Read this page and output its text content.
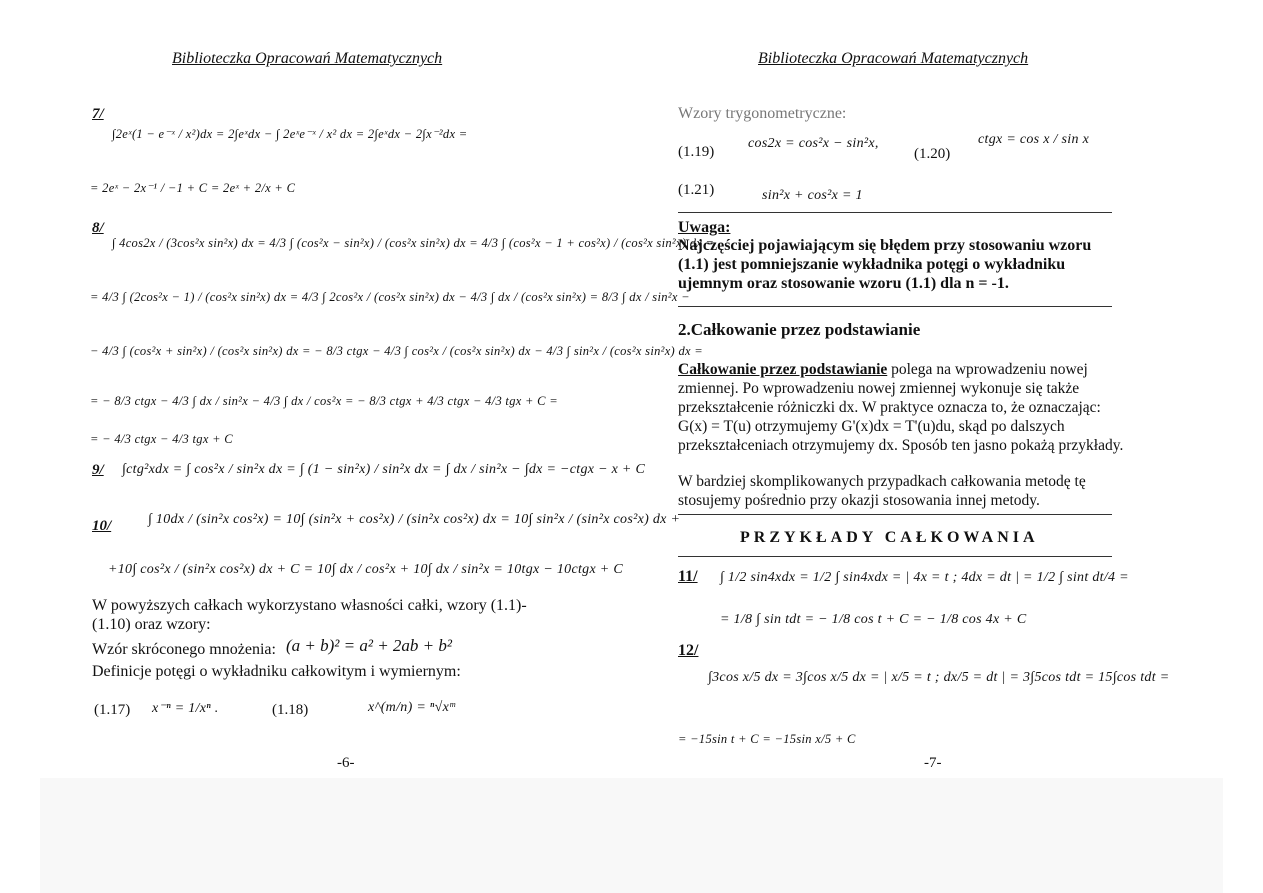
Biblioteczka Opracowań Matematycznych
7/
∫2eˣ(1 − e⁻ˣ / x²)dx = 2∫eˣdx − ∫ 2eˣe⁻ˣ / x² dx = 2∫eˣdx − 2∫x⁻²dx =
= 2eˣ − 2x⁻¹ / −1 + C = 2eˣ + 2/x + C
8/
∫ 4cos2x / (3cos²x sin²x) dx = 4/3 ∫ (cos²x − sin²x) / (cos²x sin²x) dx = 4/3 ∫ (cos²x − 1 + cos²x) / (cos²x sin²x) dx =
= 4/3 ∫ (2cos²x − 1) / (cos²x sin²x) dx = 4/3 ∫ 2cos²x / (cos²x sin²x) dx − 4/3 ∫ dx / (cos²x sin²x) = 8/3 ∫ dx / sin²x −
− 4/3 ∫ (cos²x + sin²x) / (cos²x sin²x) dx = − 8/3 ctgx − 4/3 ∫ cos²x / (cos²x sin²x) dx − 4/3 ∫ sin²x / (cos²x sin²x) dx =
= − 8/3 ctgx − 4/3 ∫ dx / sin²x − 4/3 ∫ dx / cos²x = − 8/3 ctgx + 4/3 ctgx − 4/3 tgx + C =
= − 4/3 ctgx − 4/3 tgx + C
9/ ∫ctg²xdx = ∫ cos²x / sin²x dx = ∫ (1 − sin²x) / sin²x dx = ∫ dx / sin²x − ∫dx = −ctgx − x + C
10/	∫ 10dx / (sin²x cos²x) = 10∫ (sin²x + cos²x) / (sin²x cos²x) dx = 10∫ sin²x / (sin²x cos²x) dx +
+10∫ cos²x / (sin²x cos²x) dx + C = 10∫ dx / cos²x + 10∫ dx / sin²x = 10tgx − 10ctgx + C
W powyższych całkach wykorzystano własności całki, wzory (1.1)-(1.10) oraz wzory:
Wzór skróconego mnożenia: (a + b)² = a² + 2ab + b²
Definicje potęgi o wykładniku całkowitym i wymiernym:
(1.17) x⁻ⁿ = 1/xⁿ .	(1.18)	x^(m/n) = ⁿ√xᵐ
-6-
Biblioteczka Opracowań Matematycznych
Wzory trygonometryczne:
(1.19)
cos2x = cos²x − sin²x,
(1.20)
ctgx = cos x / sin x
(1.21)	sin²x + cos²x = 1
Uwaga:
Najczęściej pojawiającym się błędem przy stosowaniu wzoru (1.1) jest pomniejszanie wykładnika potęgi o wykładniku ujemnym oraz stosowanie wzoru (1.1) dla n = -1.
2.Całkowanie przez podstawianie
Całkowanie przez podstawianie polega na wprowadzeniu nowej zmiennej. Po wprowadzeniu nowej zmiennej wykonuje się także przekształcenie różniczki dx. W praktyce oznacza to, że oznaczając: G(x) = T(u) otrzymujemy G'(x)dx = T'(u)du, skąd po dalszych przekształceniach otrzymujemy dx. Sposób ten jasno pokażą przykłady.
W bardziej skomplikowanych przypadkach całkowania metodę tę stosujemy pośrednio przy okazji stosowania innej metody.
PRZYKŁADY CAŁKOWANIA
11/ ∫ 1/2 sin4xdx = 1/2 ∫ sin4xdx = | 4x = t ; 4dx = dt | = 1/2 ∫ sint dt/4 =
= 1/8 ∫ sin tdt = − 1/8 cos t + C = − 1/8 cos 4x + C
12/
∫3cos x/5 dx = 3∫cos x/5 dx = | x/5 = t ; dx/5 = dt | = 3∫5cos tdt = 15∫cos tdt =
= −15sin t + C = −15sin x/5 + C
-7-
